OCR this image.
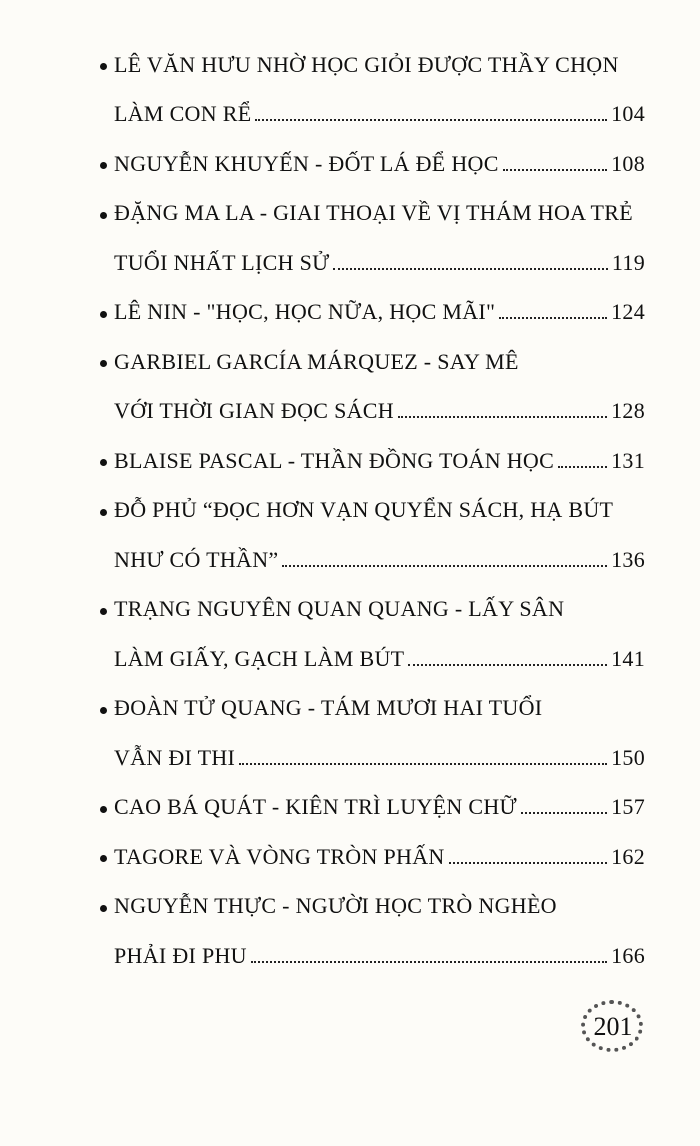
LÊ VĂN HƯU NHỜ HỌC GIỎI ĐƯỢC THẦY CHỌN
LÀM CON RỂ	104
NGUYỄN KHUYẾN - ĐỐT LÁ ĐỂ HỌC	108
ĐẶNG MA LA - GIAI THOẠI VỀ VỊ THÁM HOA TRẺ
TUỔI NHẤT LỊCH SỬ	119
LÊ NIN - "HỌC, HỌC NỮA, HỌC MÃI"	124
GARBIEL GARCÍA MÁRQUEZ - SAY MÊ
VỚI THỜI GIAN ĐỌC SÁCH	128
BLAISE PASCAL - THẦN ĐỒNG TOÁN HỌC	131
ĐỖ PHỦ “ĐỌC HƠN VẠN QUYỂN SÁCH, HẠ BÚT
NHƯ CÓ THẦN”	136
TRẠNG NGUYÊN QUAN QUANG - LẤY SÂN
LÀM GIẤY, GẠCH LÀM BÚT	141
ĐOÀN TỬ QUANG - TÁM MƯƠI HAI TUỔI
VẪN ĐI THI	150
CAO BÁ QUÁT - KIÊN TRÌ LUYỆN CHỮ	157
TAGORE VÀ VÒNG TRÒN PHẤN	162
NGUYỄN THỰC - NGƯỜI HỌC TRÒ NGHÈO
PHẢI ĐI PHU	166
201
